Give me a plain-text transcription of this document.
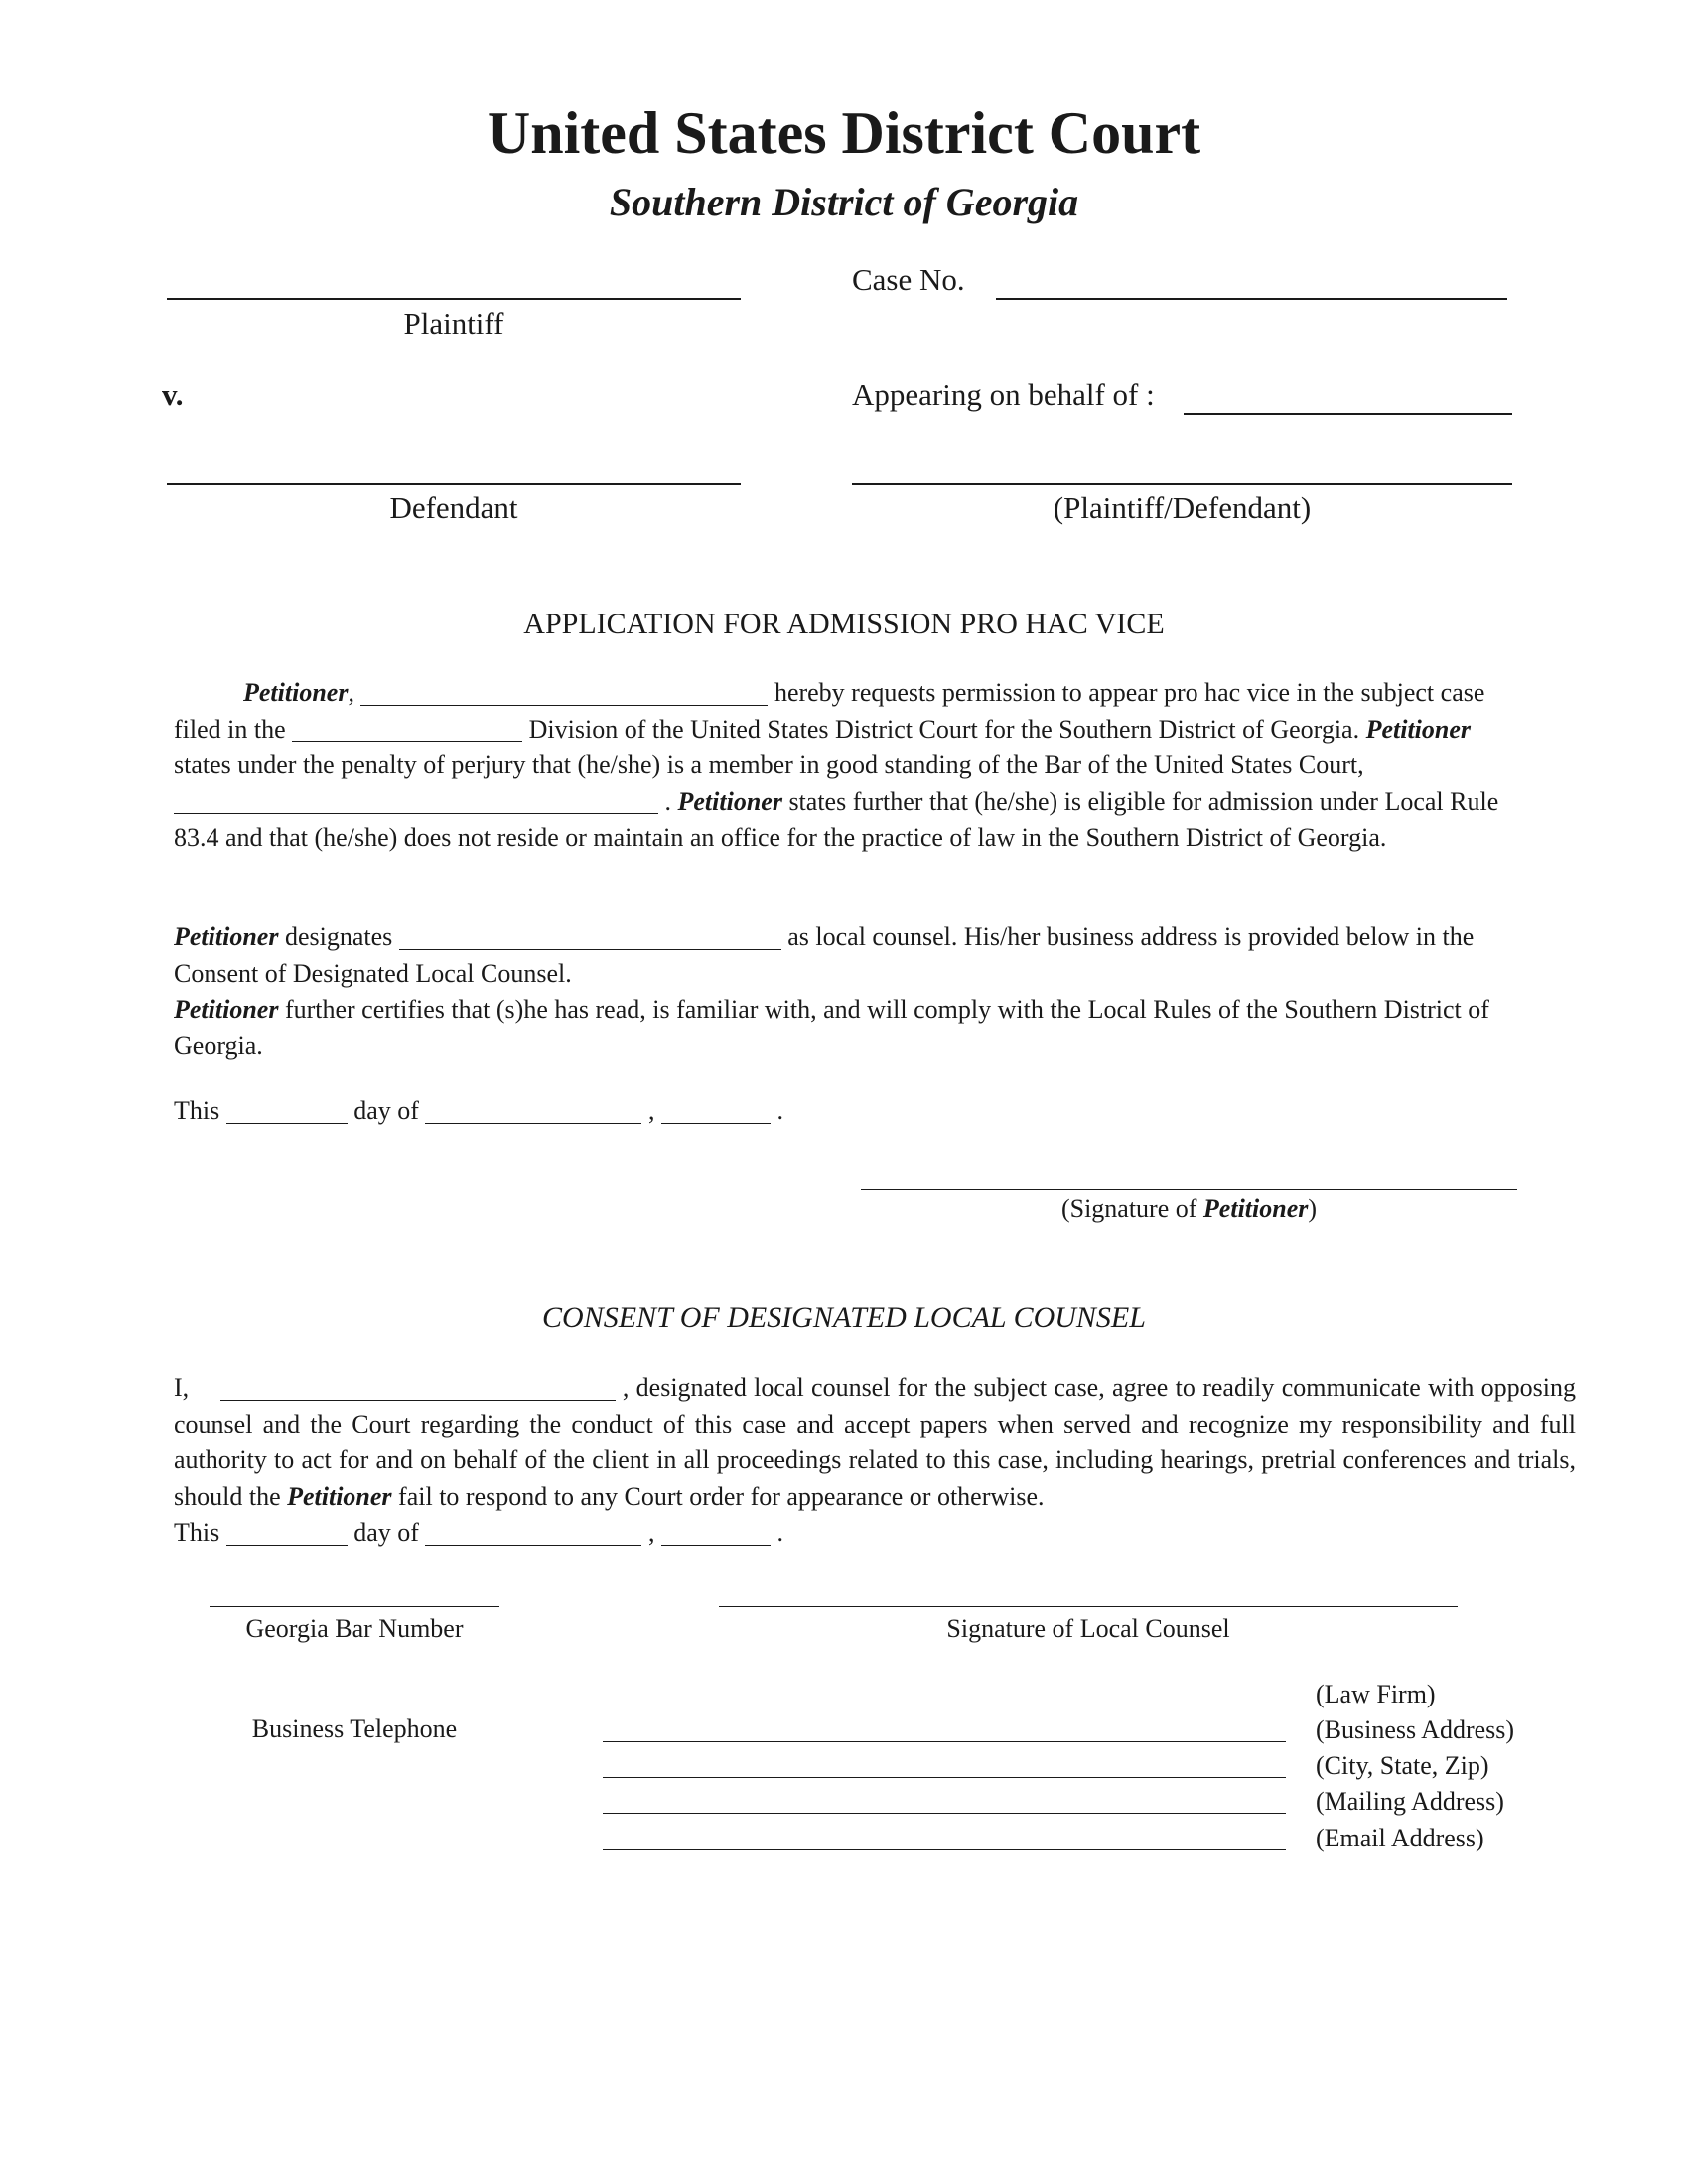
United States District Court
Southern District of Georgia
Plaintiff
Case No.
v.	Appearing on behalf of :
Defendant	(Plaintiff/Defendant)
APPLICATION FOR ADMISSION PRO HAC VICE
Petitioner,	hereby requests permission to appear pro hac vice in the subject case filed in the	Division of the United States District Court for the Southern District of Georgia. Petitioner states under the penalty of perjury that (he/she) is a member in good standing of the Bar of the United States Court,  . Petitioner states further that (he/she) is eligible for admission under Local Rule 83.4 and that (he/she) does not reside or maintain an office for the practice of law in the Southern District of Georgia.
Petitioner designates	as local counsel. His/her business address is provided below in the Consent of Designated Local Counsel.
Petitioner further certifies that (s)he has read, is familiar with, and will comply with the Local Rules of the Southern District of Georgia.
This	day of	,	.
(Signature of Petitioner)
CONSENT OF DESIGNATED LOCAL COUNSEL
I,	, designated local counsel for the subject case, agree to readily communicate with opposing counsel and the Court regarding the conduct of this case and accept papers when served and recognize my responsibility and full authority to act for and on behalf of the client in all proceedings related to this case, including hearings, pretrial conferences and trials, should the Petitioner fail to respond to any Court order for appearance or otherwise.
This	day of	,	.
Georgia Bar Number	Signature of Local Counsel
Business Telephone
(Law Firm)
(Business Address)
(City, State, Zip)
(Mailing Address)
(Email Address)
